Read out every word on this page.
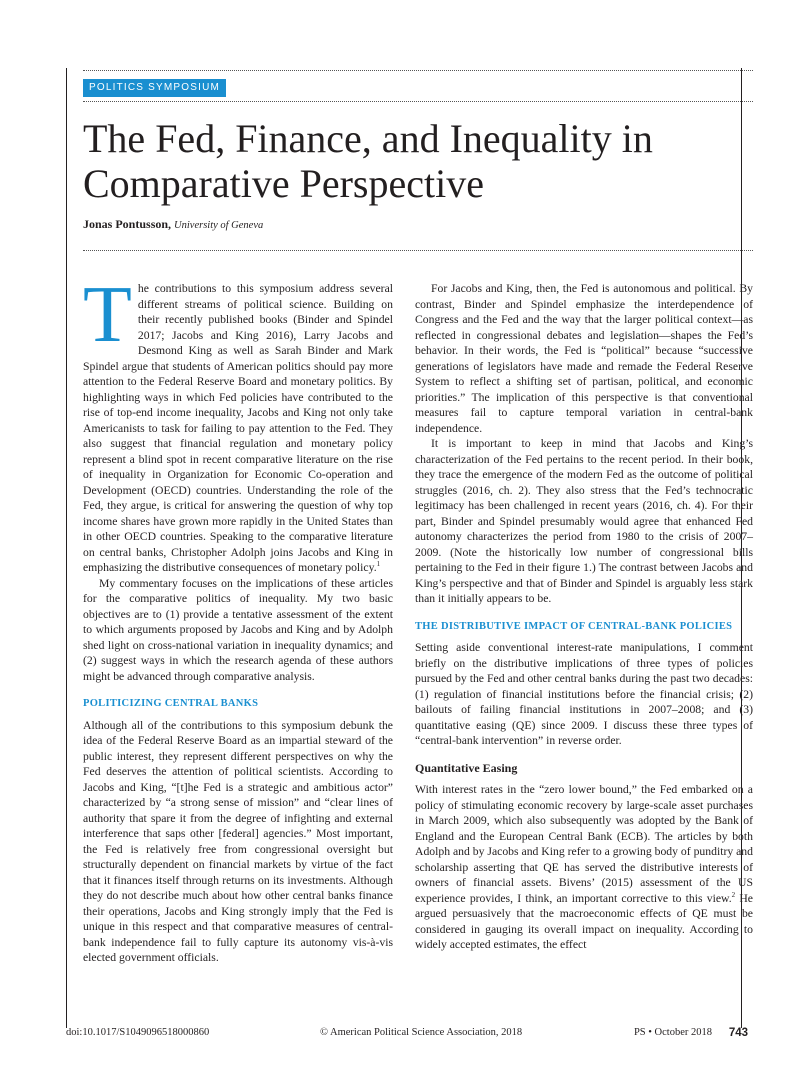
POLITICS SYMPOSIUM
The Fed, Finance, and Inequality in
Comparative Perspective
Jonas Pontusson, University of Geneva

The contributions to this symposium address several different streams of political science. Building on their recently published books (Binder and Spindel 2017; Jacobs and King 2016), Larry Jacobs and Desmond King as well as Sarah Binder and Mark Spindel argue that students of American politics should pay more attention to the Federal Reserve Board and monetary politics. By highlighting ways in which Fed policies have contributed to the rise of top-end income inequality, Jacobs and King not only take Americanists to task for failing to pay attention to the Fed. They also suggest that financial regulation and monetary policy represent a blind spot in recent comparative literature on the rise of inequality in Organization for Economic Co-operation and Development (OECD) countries. Understanding the role of the Fed, they argue, is critical for answering the question of why top income shares have grown more rapidly in the United States than in other OECD countries. Speaking to the comparative literature on central banks, Christopher Adolph joins Jacobs and King in emphasizing the distributive consequences of monetary policy.$^1$

My commentary focuses on the implications of these articles for the comparative politics of inequality. My two basic objectives are to (1) provide a tentative assessment of the extent to which arguments proposed by Jacobs and King and by Adolph shed light on cross-national variation in inequality dynamics; and (2) suggest ways in which the research agenda of these authors might be advanced through comparative analysis.

POLITICIZING CENTRAL BANKS

Although all of the contributions to this symposium debunk the idea of the Federal Reserve Board as an impartial steward of the public interest, they represent different perspectives on why the Fed deserves the attention of political scientists. According to Jacobs and King, “[t]he Fed is a strategic and ambitious actor” characterized by “a strong sense of mission” and “clear lines of authority that spare it from the degree of infighting and external interference that saps other [federal] agencies.” Most important, the Fed is relatively free from congressional oversight but structurally dependent on financial markets by virtue of the fact that it finances itself through returns on its investments. Although they do not describe much about how other central banks finance their operations, Jacobs and King strongly imply that the Fed is unique in this respect and that comparative measures of central-bank independence fail to fully capture its autonomy vis-à-vis elected government officials.

For Jacobs and King, then, the Fed is autonomous and political. By contrast, Binder and Spindel emphasize the interdependence of Congress and the Fed and the way that the larger political context—as reflected in congressional debates and legislation—shapes the Fed’s behavior. In their words, the Fed is “political” because “successive generations of legislators have made and remade the Federal Reserve System to reflect a shifting set of partisan, political, and economic priorities.” The implication of this perspective is that conventional measures fail to capture temporal variation in central-bank independence.

It is important to keep in mind that Jacobs and King’s characterization of the Fed pertains to the recent period. In their book, they trace the emergence of the modern Fed as the outcome of political struggles (2016, ch. 2). They also stress that the Fed’s technocratic legitimacy has been challenged in recent years (2016, ch. 4). For their part, Binder and Spindel presumably would agree that enhanced Fed autonomy characterizes the period from 1980 to the crisis of 2007–2009. (Note the historically low number of congressional bills pertaining to the Fed in their figure 1.) The contrast between Jacobs and King’s perspective and that of Binder and Spindel is arguably less stark than it initially appears to be.

THE DISTRIBUTIVE IMPACT OF CENTRAL-BANK POLICIES

Setting aside conventional interest-rate manipulations, I comment briefly on the distributive implications of three types of policies pursued by the Fed and other central banks during the past two decades: (1) regulation of financial institutions before the financial crisis; (2) bailouts of failing financial institutions in 2007–2008; and (3) quantitative easing (QE) since 2009. I discuss these three types of “central-bank intervention” in reverse order.

Quantitative Easing

With interest rates in the “zero lower bound,” the Fed embarked on a policy of stimulating economic recovery by large-scale asset purchases in March 2009, which also subsequently was adopted by the Bank of England and the European Central Bank (ECB). The articles by both Adolph and by Jacobs and King refer to a growing body of punditry and scholarship asserting that QE has served the distributive interests of owners of financial assets. Bivens’ (2015) assessment of the US experience provides, I think, an important corrective to this view.$^2$ He argued persuasively that the macroeconomic effects of QE must be considered in gauging its overall impact on inequality. According to widely accepted estimates, the effect

doi:10.1017/S1049096518000860	© American Political Science Association, 2018	PS • October 2018 743
